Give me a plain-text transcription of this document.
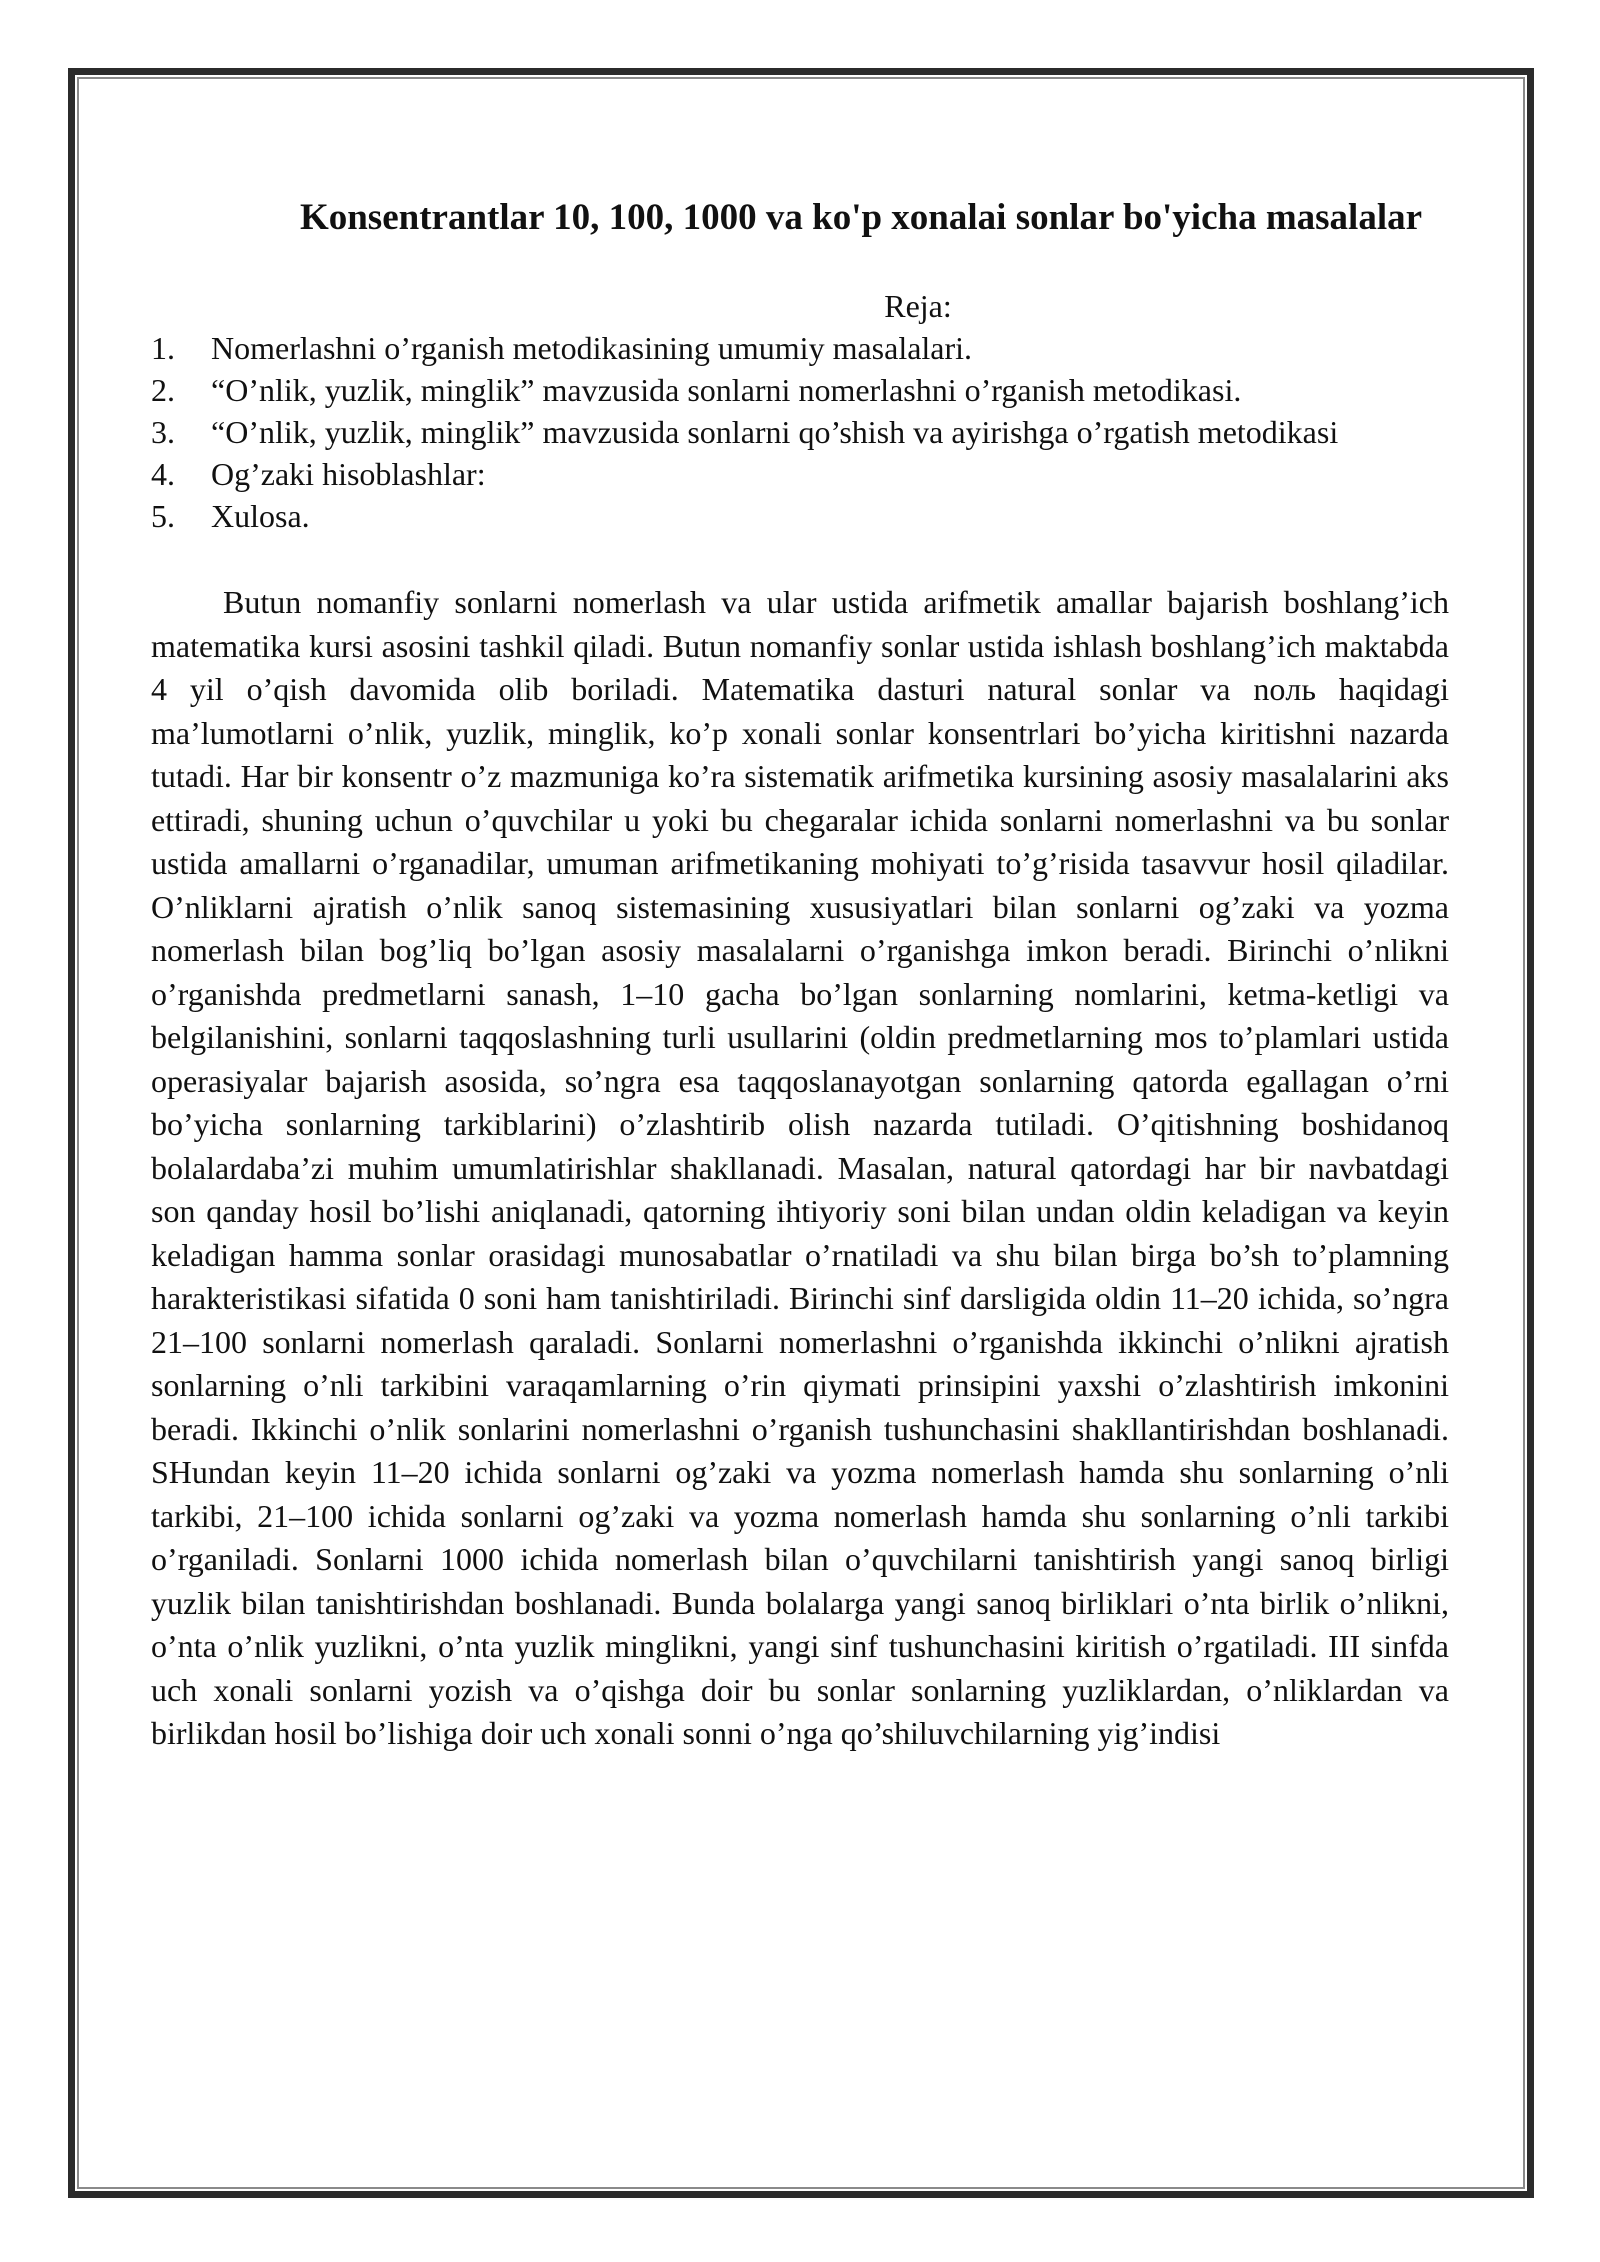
Konsentrantlar 10, 100, 1000 va ko'p xonalai sonlar bo'yicha masalalar
Reja:
1. Nomerlashni o’rganish metodikasining umumiy masalalari.
2. “O’nlik, yuzlik, minglik” mavzusida sonlarni nomerlashni o’rganish metodikasi.
3. “O’nlik, yuzlik, minglik” mavzusida sonlarni qo’shish va ayirishga o’rgatish metodikasi
4. Og’zaki hisoblashlar:
5. Xulosa.

Butun nomanfiy sonlarni nomerlash va ular ustida arifmetik amallar bajarish boshlang’ich matematika kursi asosini tashkil qiladi. Butun nomanfiy sonlar ustida ishlash boshlang’ich maktabda 4 yil o’qish davomida olib boriladi. Matematika dasturi natural sonlar va noль haqidagi ma’lumotlarni o’nlik, yuzlik, minglik, ko’p xonali sonlar konsentrlari bo’yicha kiritishni nazarda tutadi. Har bir konsentr o’z mazmuniga ko’ra sistematik arifmetika kursining asosiy masalalarini aks ettiradi, shuning uchun o’quvchilar u yoki bu chegaralar ichida sonlarni nomerlashni va bu sonlar ustida amallarni o’rganadilar, umuman arifmetikaning mohiyati to’g’risida tasavvur hosil qiladilar. O’nliklarni ajratish o’nlik sanoq sistemasining xususiyatlari bilan sonlarni og’zaki va yozma nomerlash bilan bog’liq bo’lgan asosiy masalalarni o’rganishga imkon beradi. Birinchi o’nlikni o’rganishda predmetlarni sanash, 1–10 gacha bo’lgan sonlarning nomlarini, ketma-ketligi va belgilanishini, sonlarni taqqoslashning turli usullarini (oldin predmetlarning mos to’plamlari ustida operasiyalar bajarish asosida, so’ngra esa taqqoslanayotgan sonlarning qatorda egallagan o’rni bo’yicha sonlarning tarkiblarini) o’zlashtirib olish nazarda tutiladi. O’qitishning boshidanoq bolalardaba’zi muhim umumlatirishlar shakllanadi. Masalan, natural qatordagi har bir navbatdagi son qanday hosil bo’lishi aniqlanadi, qatorning ihtiyoriy soni bilan undan oldin keladigan va keyin keladigan hamma sonlar orasidagi munosabatlar o’rnatiladi va shu bilan birga bo’sh to’plamning harakteristikasi sifatida 0 soni ham tanishtiriladi. Birinchi sinf darsligida oldin 11–20 ichida, so’ngra 21–100 sonlarni nomerlash qaraladi. Sonlarni nomerlashni o’rganishda ikkinchi o’nlikni ajratish sonlarning o’nli tarkibini varaqamlarning o’rin qiymati prinsipini yaxshi o’zlashtirish imkonini beradi. Ikkinchi o’nlik sonlarini nomerlashni o’rganish tushunchasini shakllantirishdan boshlanadi. SHundan keyin 11–20 ichida sonlarni og’zaki va yozma nomerlash hamda shu sonlarning o’nli tarkibi, 21–100 ichida sonlarni og’zaki va yozma nomerlash hamda shu sonlarning o’nli tarkibi o’rganiladi. Sonlarni 1000 ichida nomerlash bilan o’quvchilarni tanishtirish yangi sanoq birligi yuzlik bilan tanishtirishdan boshlanadi. Bunda bolalarga yangi sanoq birliklari o’nta birlik o’nlikni, o’nta o’nlik yuzlikni, o’nta yuzlik minglikni, yangi sinf tushunchasini kiritish o’rgatiladi. III sinfda uch xonali sonlarni yozish va o’qishga doir bu sonlar sonlarning yuzliklardan, o’nliklardan va birlikdan hosil bo’lishiga doir uch xonali sonni o’nga qo’shiluvchilarning yig’indisi
